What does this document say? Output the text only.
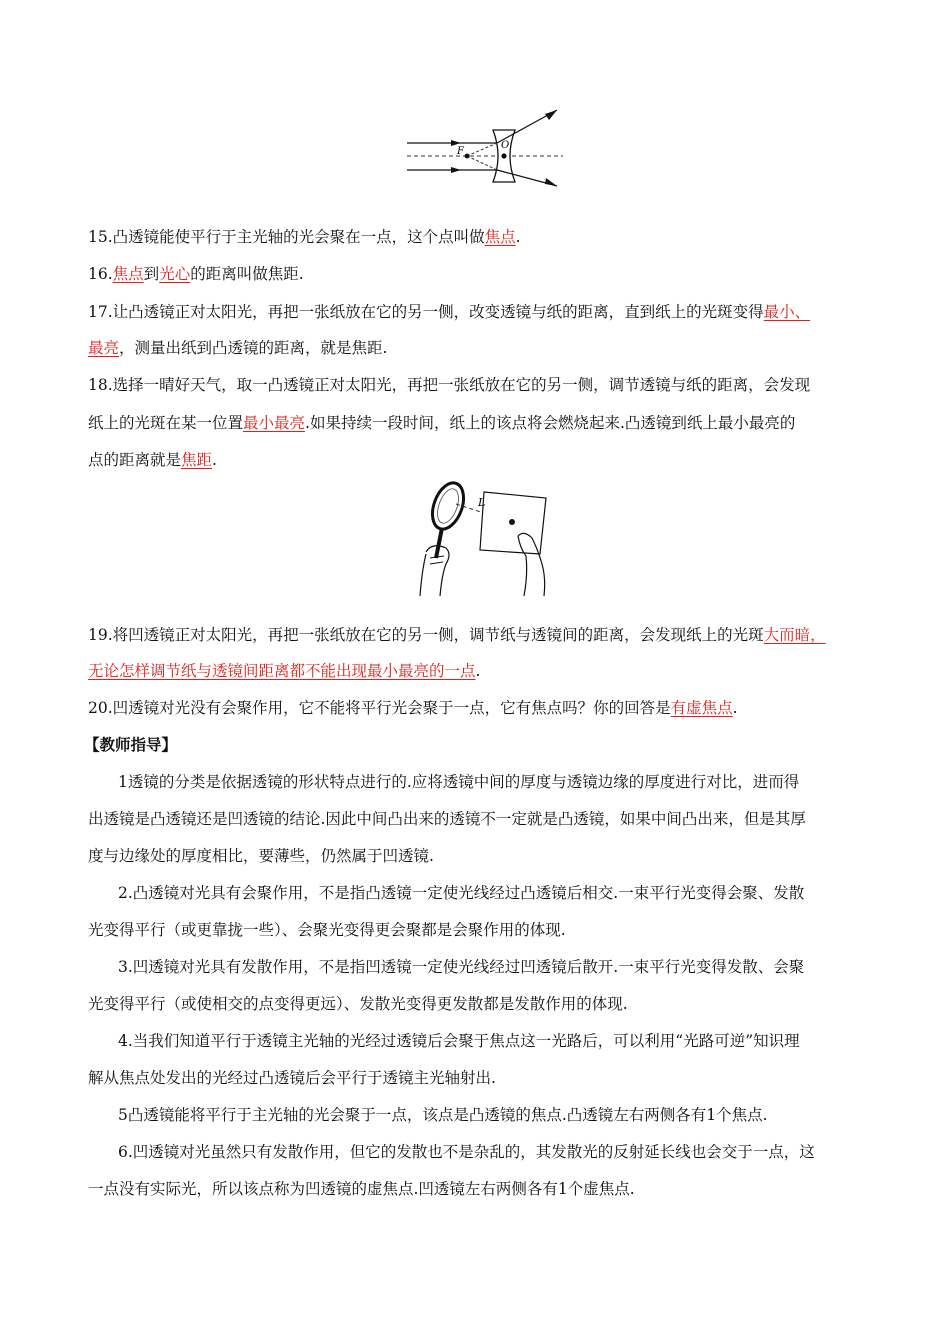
F
O
15.凸透镜能使平行于主光轴的光会聚在一点，这个点叫做焦点.
16.焦点到光心的距离叫做焦距.
17.让凸透镜正对太阳光，再把一张纸放在它的另一侧，改变透镜与纸的距离，直到纸上的光斑变得最小、
最亮，测量出纸到凸透镜的距离，就是焦距.
18.选择一晴好天气，取一凸透镜正对太阳光，再把一张纸放在它的另一侧，调节透镜与纸的距离，会发现
纸上的光斑在某一位置最小最亮.如果持续一段时间，纸上的该点将会燃烧起来.凸透镜到纸上最小最亮的
点的距离就是焦距.
L
19.将凹透镜正对太阳光，再把一张纸放在它的另一侧，调节纸与透镜间的距离，会发现纸上的光斑大而暗，
无论怎样调节纸与透镜间距离都不能出现最小最亮的一点.
20.凹透镜对光没有会聚作用，它不能将平行光会聚于一点，它有焦点吗？你的回答是有虚焦点.
【教师指导】
1透镜的分类是依据透镜的形状特点进行的.应将透镜中间的厚度与透镜边缘的厚度进行对比，进而得
出透镜是凸透镜还是凹透镜的结论.因此中间凸出来的透镜不一定就是凸透镜，如果中间凸出来，但是其厚
度与边缘处的厚度相比，要薄些，仍然属于凹透镜.
2.凸透镜对光具有会聚作用，不是指凸透镜一定使光线经过凸透镜后相交.一束平行光变得会聚、发散
光变得平行（或更靠拢一些）、会聚光变得更会聚都是会聚作用的体现.
3.凹透镜对光具有发散作用，不是指凹透镜一定使光线经过凹透镜后散开.一束平行光变得发散、会聚
光变得平行（或使相交的点变得更远）、发散光变得更发散都是发散作用的体现.
4.当我们知道平行于透镜主光轴的光经过透镜后会聚于焦点这一光路后，可以利用“光路可逆”知识理
解从焦点处发出的光经过凸透镜后会平行于透镜主光轴射出.
5凸透镜能将平行于主光轴的光会聚于一点，该点是凸透镜的焦点.凸透镜左右两侧各有1个焦点.
6.凹透镜对光虽然只有发散作用，但它的发散也不是杂乱的，其发散光的反射延长线也会交于一点，这
一点没有实际光，所以该点称为凹透镜的虚焦点.凹透镜左右两侧各有1个虚焦点.
